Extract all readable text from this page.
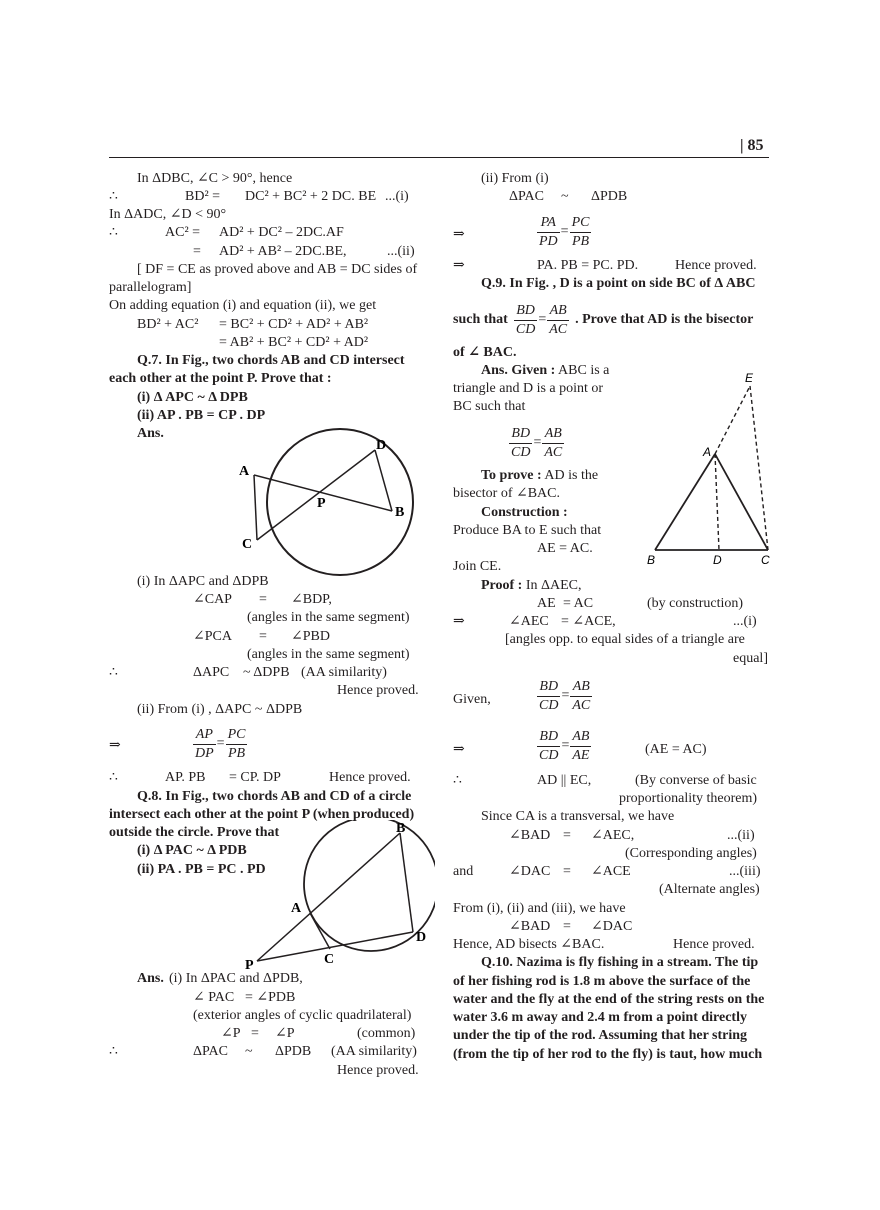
| 85
In ΔDBC, ∠C > 90°, hence
∴	BD² = DC² + BC² + 2 DC. BE ...(i)
In ΔADC, ∠D < 90°
∴	AC² = AD² + DC² – 2DC.AF
= AD² + AB² – 2DC.BE,	...(ii)
[ DF = CE as proved above and AB = DC sides of
parallelogram]
On adding equation (i) and equation (ii), we get
BD² + AC² = BC² + CD² + AD² + AB²
= AB² + BC² + CD² + AD²
Q.7. In Fig., two chords AB and CD intersect
each other at the point P. Prove that :
(i) Δ APC ~ Δ DPB
(ii) AP . PB = CP . DP
Ans.
A
D
P
B
C
(i) In ΔAPC and ΔDPB
∠CAP = ∠BDP,
(angles in the same segment)
∠PCA = ∠PBD
(angles in the same segment)
∴	ΔAPC ~ ΔDPB (AA similarity)
Hence proved.
(ii) From (i) , ΔAPC ~ ΔDPB
⇒	$\frac{AP}{DP} = \frac{PC}{PB}$
∴	AP. PB = CP. DP	Hence proved.
Q.8. In Fig., two chords AB and CD of a circle
intersect each other at the point P (when produced)
outside the circle. Prove that
(i) Δ PAC ~ Δ PDB
(ii) PA . PB = PC . PD
B
A
D
C
P
Ans. (i) In ΔPAC and ΔPDB,
∠ PAC = ∠PDB
(exterior angles of cyclic quadrilateral)
∠P = ∠P	(common)
∴	ΔPAC ~ ΔPDB (AA similarity)
Hence proved.
(ii) From (i)
ΔPAC ~ ΔPDB
⇒	$\frac{PA}{PD} = \frac{PC}{PB}$
⇒	PA. PB = PC. PD.	Hence proved.
Q.9. In Fig. , D is a point on side BC of Δ ABC
such that $\frac{BD}{CD} = \frac{AB}{AC}$ . Prove that AD is the bisector
of ∠ BAC.
Ans. Given : ABC is a
triangle and D is a point or
BC such that
$\frac{BD}{CD} = \frac{AB}{AC}$
To prove : AD is the
bisector of ∠BAC.
Construction :
Produce BA to E such that
AE = AC.
Join CE.
E
A
B	D	C
Proof : In ΔAEC,
AE = AC	(by construction)
⇒	∠AEC = ∠ACE,	...(i)
[angles opp. to equal sides of a triangle are
equal]
Given,	$\frac{BD}{CD} = \frac{AB}{AC}$
⇒	$\frac{BD}{CD} = \frac{AB}{AE}$	(AE = AC)
∴	AD || EC,	(By converse of basic
proportionality theorem)
Since CA is a transversal, we have
∠BAD = ∠AEC,	...(ii)
(Corresponding angles)
and	∠DAC = ∠ACE	...(iii)
(Alternate angles)
From (i), (ii) and (iii), we have
∠BAD = ∠DAC
Hence, AD bisects ∠BAC.	Hence proved.
Q.10. Nazima is fly fishing in a stream. The tip
of her fishing rod is 1.8 m above the surface of the
water and the fly at the end of the string rests on the
water 3.6 m away and 2.4 m from a point directly
under the tip of the rod. Assuming that her string
(from the tip of her rod to the fly) is taut, how much
